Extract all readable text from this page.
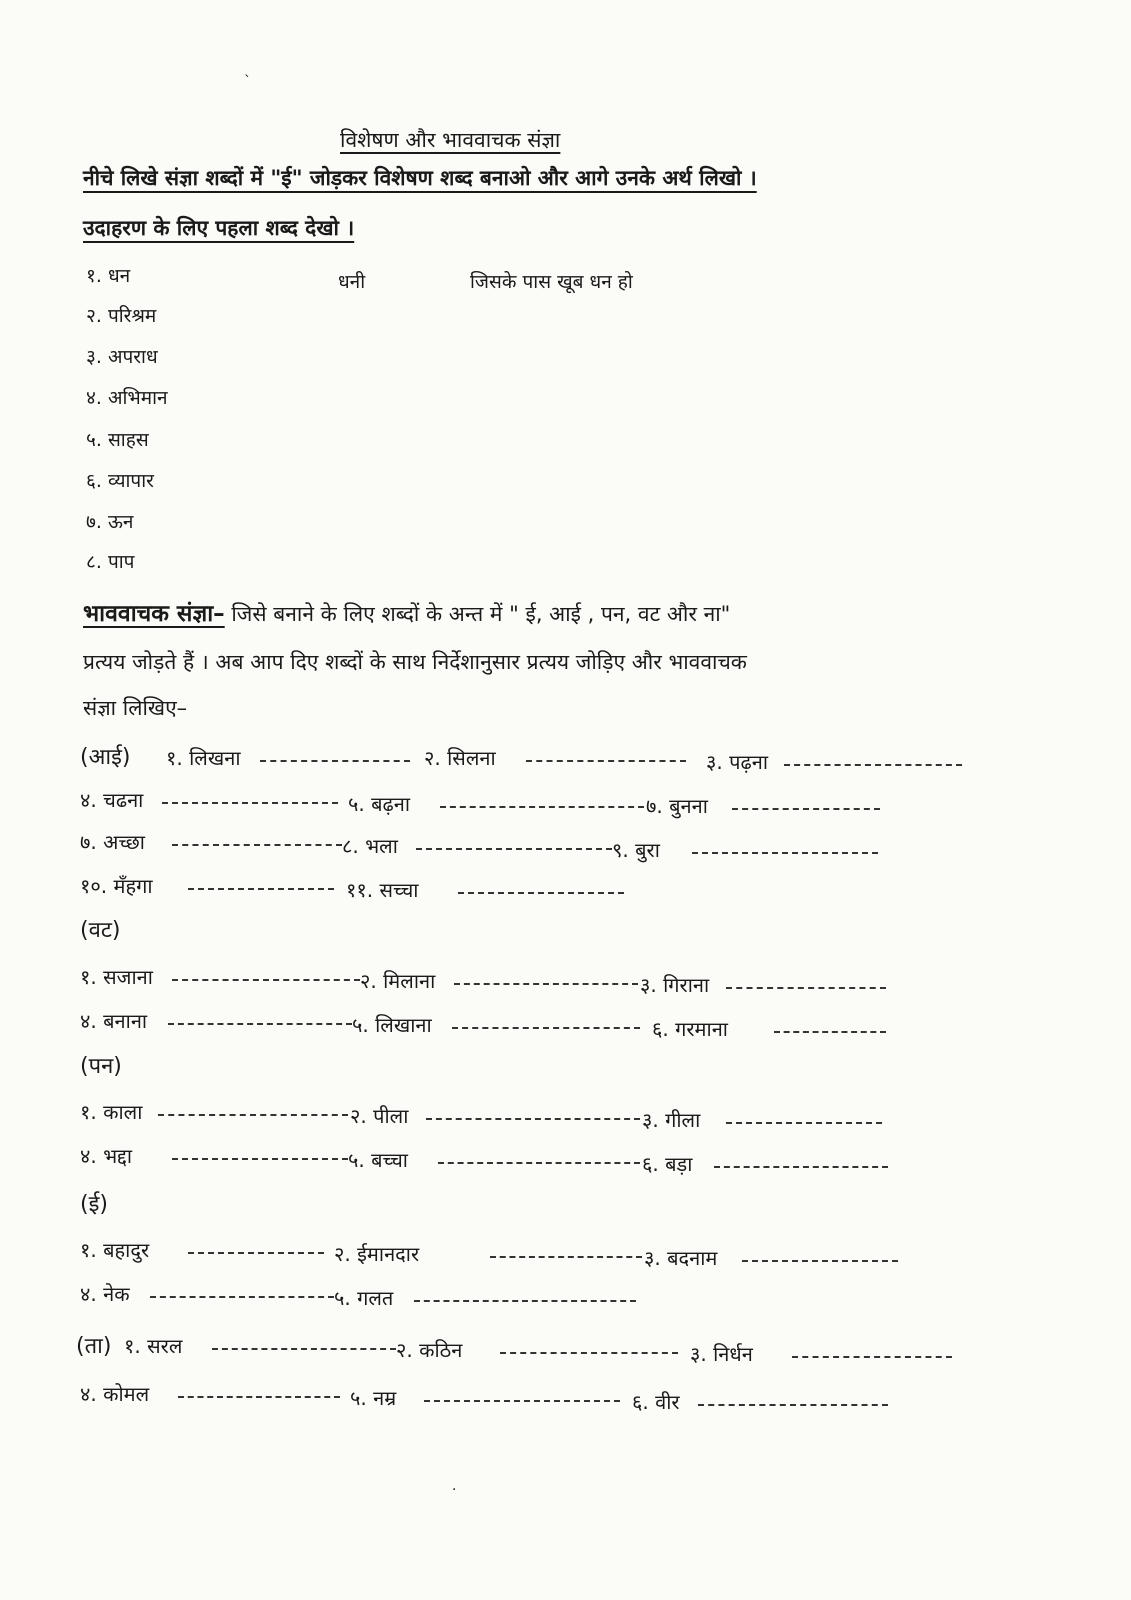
विशेषण और भाववाचक संज्ञा
नीचे लिखे संज्ञा शब्दों में "ई" जोड़कर विशेषण शब्द बनाओ और आगे उनके अर्थ लिखो ।
उदाहरण के लिए पहला शब्द देखो ।
१. धन	धनी	जिसके पास खूब धन हो
२. परिश्रम
३. अपराध
४. अभिमान
५. साहस
६. व्यापार
७. ऊन
८. पाप
भाववाचक संज्ञा– जिसे बनाने के लिए शब्दों के अन्त में " ई, आई , पन, वट और ना"
प्रत्यय जोड़ते हैं । अब आप दिए शब्दों के साथ निर्देशानुसार प्रत्यय जोड़िए और भाववाचक
संज्ञा लिखिए–
(आई) १. लिखना	२. सिलना	३. पढ़ना
४. चढना	५. बढ़ना	७. बुनना
७. अच्छा	८. भला	९. बुरा
१०. मँहगा	११. सच्चा
(वट)
१. सजाना	२. मिलाना	३. गिराना
४. बनाना	५. लिखाना	६. गरमाना
(पन)
१. काला	२. पीला	३. गीला
४. भद्दा	५. बच्चा	६. बड़ा
(ई)
१. बहादुर	२. ईमानदार	३. बदनाम
४. नेक	५. गलत
(ता) १. सरल	२. कठिन	३. निर्धन
४. कोमल	५. नम्र	६. वीर
ˋ
·
